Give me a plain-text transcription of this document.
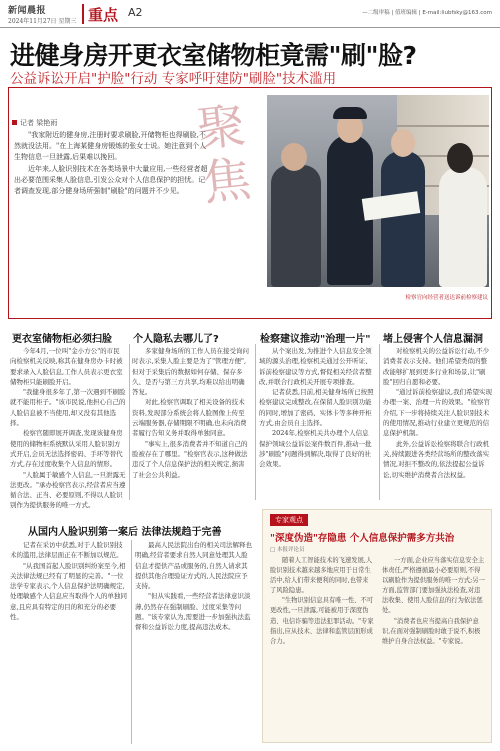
新闻晨报
2024年11月27日 星期三 重点 A2	—二级审稿 | 值班编辑 | E-mail:liubfsky@163.com
进健身房开更衣室储物柜竟需"刷"脸?
公益诉讼开启"护脸"行动 专家呼吁建防"刷脸"技术滥用
聚焦
记者 梁艳雨

"我家附近的健身房,注册时要求刷脸,开储物柜也得刷脸,不然就没法用。"在上海某健身房锻炼的张女士说。她注意到个人生物信息一旦泄露,后果难以挽回。

近年来,人脸识别技术在各类场景中大量应用,一些经营者超出必要范围采集人脸信息,引发公众对个人信息保护的担忧。记者调查发现,部分健身场所强制"刷脸"的问题并不少见。

检察官向经营者送达诉前检察建议
更衣室储物柜必须扫脸 个人隐私去哪儿了?	检察建议推动"治理一片" 堵上侵害个人信息漏洞

今年4月,一位叫"金小方公"的市民向检察机关反映,称其在健身房办卡时被要求录入人脸信息,工作人员表示更衣室储物柜只能刷脸开启。

"我健身很多年了,第一次遇到不刷脸就不能用柜子。"该市民说,他担心自己的人脸信息被不当使用,却又没有其他选择。

检察官随即展开调查,发现该健身房使用的储物柜系统默认采用人脸识别方式开启,会员无法选择密码、手环等替代方式,存在过度收集个人信息的情形。

"人脸属于敏感个人信息,一旦泄露无法更改。"承办检察官表示,经营者应当遵循合法、正当、必要原则,不得以人脸识别作为提供服务的唯一方式。

多家健身场所的工作人员在接受询问时表示,采集人脸主要是为了"管理方便",但对于采集后的数据如何存储、保存多久、是否与第三方共享,均难以给出明确答复。

对此,检察官调取了相关设备的技术资料,发现部分系统会将人脸图像上传至云端服务器,存储期限不明确,也未向消费者履行告知义务并取得单独同意。

"事实上,很多消费者并不知道自己的脸被存在了哪里。"检察官表示,这种做法违反了个人信息保护法的相关规定,损害了社会公共利益。

从个案出发,为推进个人信息安全领域的源头治理,检察机关通过公开听证、诉前检察建议等方式,督促相关经营者整改,并联合行政机关开展专项排查。

记者获悉,目前,相关健身场所已按照检察建议完成整改,在保留人脸识别功能的同时,增加了密码、实体卡等多种开柜方式,由会员自主选择。

2024年,检察机关共办理个人信息保护领域公益诉讼案件数百件,推动一批涉"刷脸"问题得到解决,取得了良好的社会效果。

对检察机关的公益诉讼行动,不少消费者表示支持。他们希望类似的整改能够扩展到更多行业和场景,让"刷脸"回归自愿和必要。

"通过诉前检察建议,我们希望实现办理一案、治理一片的效果。"检察官介绍,下一步将持续关注人脸识别技术的使用情况,推动行业建立更规范的信息保护机制。

此外,公益诉讼检察将联合行政机关,持续跟进各类经营场所的整改落实情况,对拒不整改的,依法提起公益诉讼,切实维护消费者合法权益。

从国内人脸识别第一案后 法律法规趋于完善

记者在采访中获悉,对于人脸识别技术的滥用,法律层面正在不断加以规范。

"从我国首起人脸识别纠纷案至今,相关法律法规已经有了明显的完善。"一位法学专家表示,个人信息保护法明确规定,处理敏感个人信息应当取得个人的单独同意,且应具有特定的目的和充分的必要性。

最高人民法院出台的相关司法解释也明确,经营者要求自然人同意处理其人脸信息才提供产品或服务的,自然人请求其提供其他合理验证方式的,人民法院应予支持。

"但从实践看,一些经营者法律意识淡薄,仍然存在强制刷脸、过度采集等问题。"该专家认为,需要进一步加强执法监督和公益诉讼力度,提高违法成本。

专家观点
"深度伪造"存隐患 个人信息保护需多方共治
□ 本报评论员

随着人工智能技术的飞速发展,人脸识别技术越来越多地应用于日常生活中,给人们带来便利的同时,也带来了风险隐患。

"生物识别信息具有唯一性、不可更改性,一旦泄露,可能被用于深度伪造、电信诈骗等违法犯罪活动。"专家指出,应从技术、法律和监管层面形成合力。

一方面,企业应当落实信息安全主体责任,严格遵循最小必要原则,不得以刷脸作为提供服务的唯一方式;另一方面,监管部门要加强执法检查,对违法收集、使用人脸信息的行为依法惩处。

"消费者也应当提高自我保护意识,在面对强制刷脸时敢于说不,积极维护自身合法权益。"专家说。
